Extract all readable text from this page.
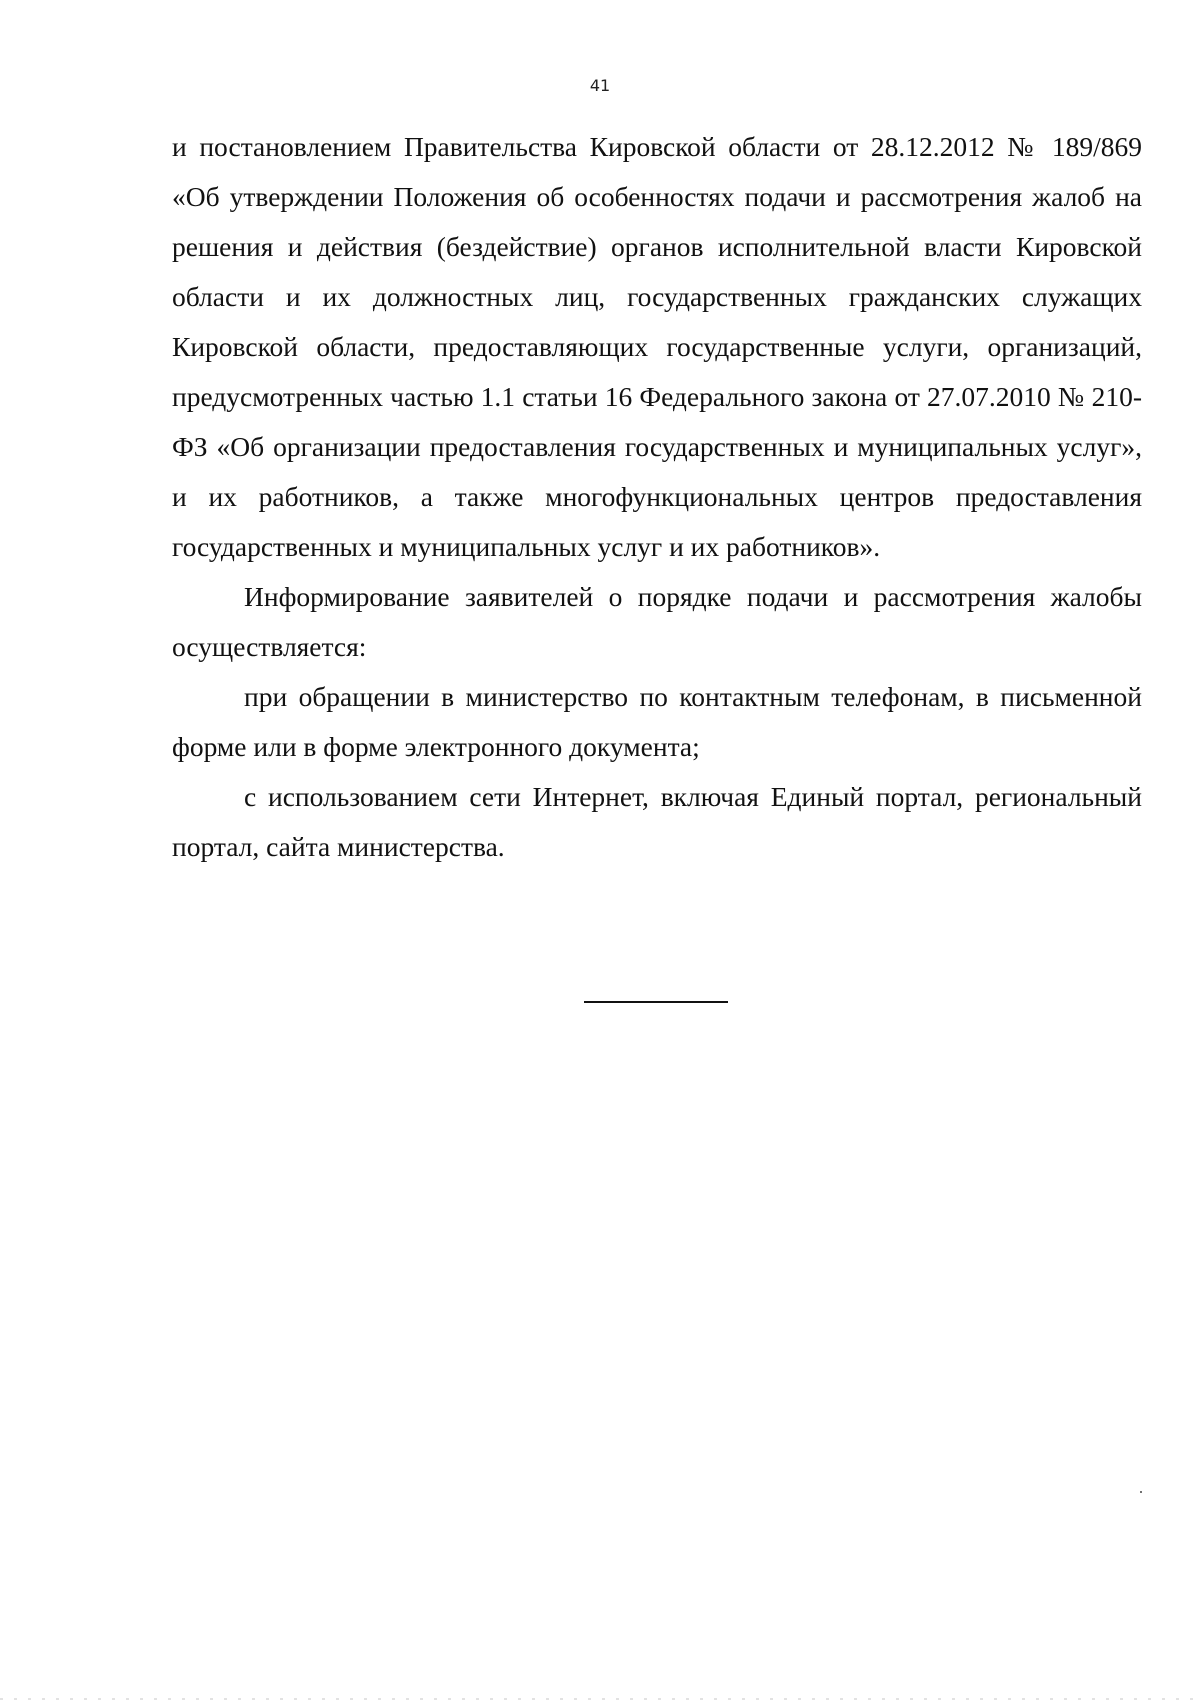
41

и постановлением Правительства Кировской области от 28.12.2012 № 189/869 «Об утверждении Положения об особенностях подачи и рассмотрения жалоб на решения и действия (бездействие) органов исполнительной власти Кировской области и их должностных лиц, государственных гражданских служащих Кировской области, предоставляющих государственные услуги, организаций, предусмотренных частью 1.1 статьи 16 Федерального закона от 27.07.2010 № 210-ФЗ «Об организации предоставления государственных и муниципальных услуг», и их работников, а также многофункциональных центров предоставления государственных и муниципальных услуг и их работников».

Информирование заявителей о порядке подачи и рассмотрения жалобы осуществляется:

при обращении в министерство по контактным телефонам, в письменной форме или в форме электронного документа;

с использованием сети Интернет, включая Единый портал, региональный портал, сайта министерства.
